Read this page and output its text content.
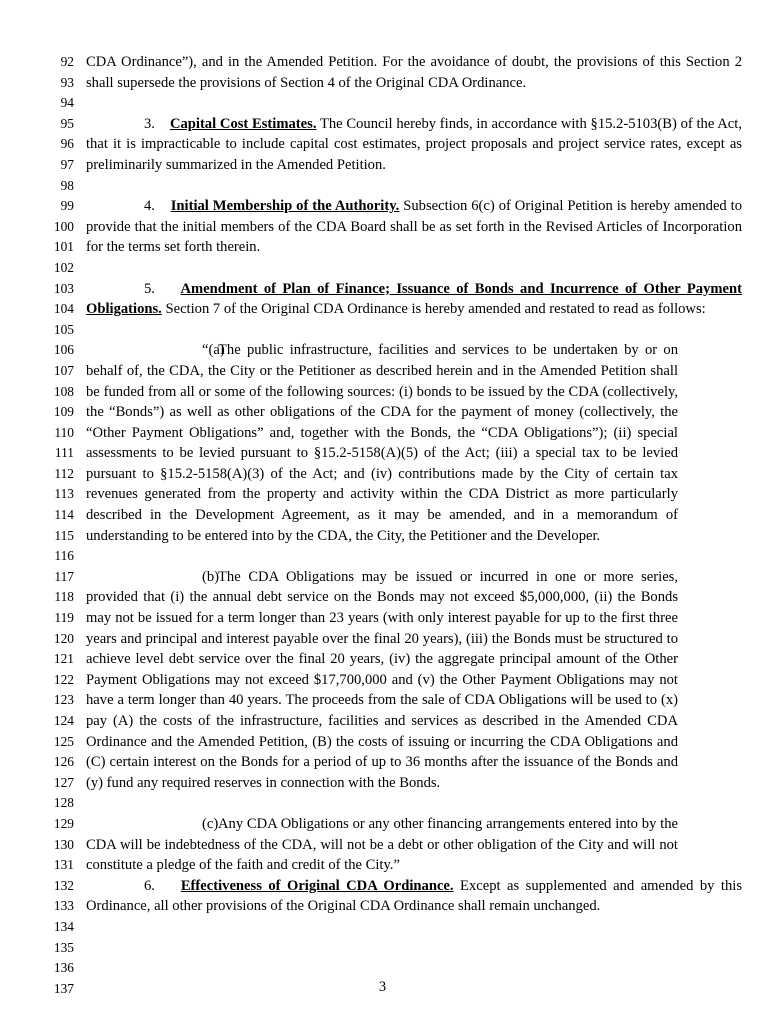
92
93
94
95
96
97
98
99
100
101
102
103
104
105
106
107
108
109
110
111
112
113
114
115
116
117
118
119
120
121
122
123
124
125
126
127
128
129
130
131
132
133
134
135
136
137

CDA Ordinance”), and in the Amended Petition. For the avoidance of doubt, the provisions of this Section 2 shall supersede the provisions of Section 4 of the Original CDA Ordinance.

3. Capital Cost Estimates. The Council hereby finds, in accordance with §15.2-5103(B) of the Act, that it is impracticable to include capital cost estimates, project proposals and project service rates, except as preliminarily summarized in the Amended Petition.

4. Initial Membership of the Authority. Subsection 6(c) of Original Petition is hereby amended to provide that the initial members of the CDA Board shall be as set forth in the Revised Articles of Incorporation for the terms set forth therein.

5. Amendment of Plan of Finance; Issuance of Bonds and Incurrence of Other Payment Obligations. Section 7 of the Original CDA Ordinance is hereby amended and restated to read as follows:

“(a)The public infrastructure, facilities and services to be undertaken by or on behalf of, the CDA, the City or the Petitioner as described herein and in the Amended Petition shall be funded from all or some of the following sources: (i) bonds to be issued by the CDA (collectively, the “Bonds”) as well as other obligations of the CDA for the payment of money (collectively, the “Other Payment Obligations” and, together with the Bonds, the “CDA Obligations”); (ii) special assessments to be levied pursuant to §15.2-5158(A)(5) of the Act; (iii) a special tax to be levied pursuant to §15.2-5158(A)(3) of the Act; and (iv) contributions made by the City of certain tax revenues generated from the property and activity within the CDA District as more particularly described in the Development Agreement, as it may be amended, and in a memorandum of understanding to be entered into by the CDA, the City, the Petitioner and the Developer.

(b)The CDA Obligations may be issued or incurred in one or more series, provided that (i) the annual debt service on the Bonds may not exceed $5,000,000, (ii) the Bonds may not be issued for a term longer than 23 years (with only interest payable for up to the first three years and principal and interest payable over the final 20 years), (iii) the Bonds must be structured to achieve level debt service over the final 20 years, (iv) the aggregate principal amount of the Other Payment Obligations may not exceed $17,700,000 and (v) the Other Payment Obligations may not have a term longer than 40 years. The proceeds from the sale of CDA Obligations will be used to (x) pay (A) the costs of the infrastructure, facilities and services as described in the Amended CDA Ordinance and the Amended Petition, (B) the costs of issuing or incurring the CDA Obligations and (C) certain interest on the Bonds for a period of up to 36 months after the issuance of the Bonds and (y) fund any required reserves in connection with the Bonds.

(c)Any CDA Obligations or any other financing arrangements entered into by the CDA will be indebtedness of the CDA, will not be a debt or other obligation of the City and will not constitute a pledge of the faith and credit of the City.”

6. Effectiveness of Original CDA Ordinance. Except as supplemented and amended by this Ordinance, all other provisions of the Original CDA Ordinance shall remain unchanged.

3
